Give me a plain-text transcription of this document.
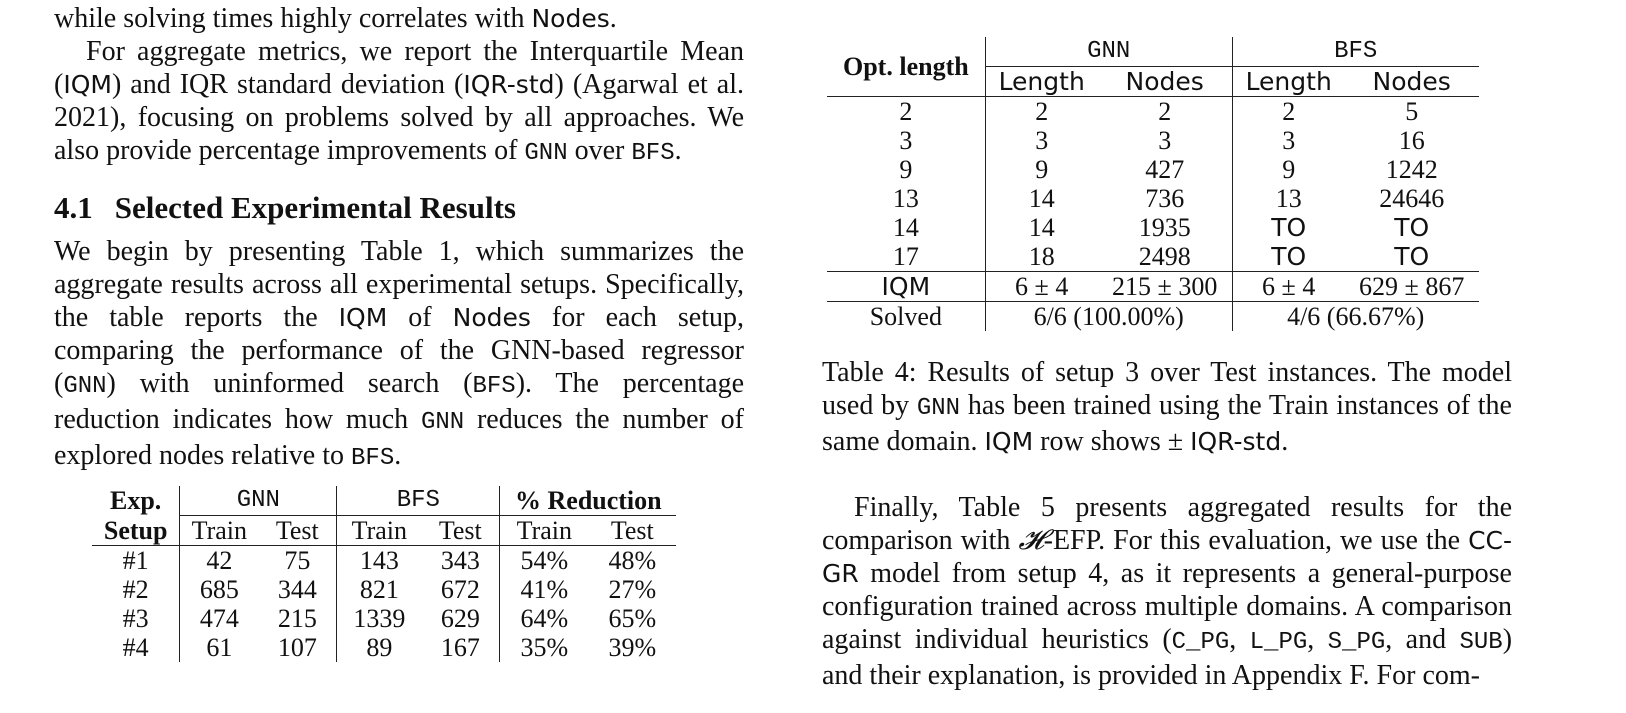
while solving times highly correlates with Nodes.

For aggregate metrics, we report the Interquartile Mean (IQM) and IQR standard deviation (IQR-std) (Agarwal et al. 2021), focusing on problems solved by all approaches. We also provide percentage improvements of GNN over BFS.

4.1 Selected Experimental Results

We begin by presenting Table 1, which summarizes the aggregate results across all experimental setups. Specifically, the table reports the IQM of Nodes for each setup, comparing the performance of the GNN-based regressor (GNN) with uninformed search (BFS). The percentage reduction indicates how much GNN reduces the number of explored nodes relative to BFS.

Exp.	GNN		BFS		% Reduction	
Setup	Train	Test	Train	Test	Train	Test
#1	42	75	143	343	54%	48%
#2	685	344	821	672	41%	27%
#3	474	215	1339	629	64%	65%
#4	61	107	89	167	35%	39%
Opt. length	GNN		BFS	
	Length	Nodes	Length	Nodes
2	2	2	2	5
3	3	3	3	16
9	9	427	9	1242
13	14	736	13	24646
14	14	1935	TO	TO
17	18	2498	TO	TO
IQM	6 ± 4	215 ± 300	6 ± 4	629 ± 867
Solved	6/6 (100.00%)		4/6 (66.67%)	

Table 4: Results of setup 3 over Test instances. The model used by GNN has been trained using the Train instances of the same domain. IQM row shows ± IQR-std.

Finally, Table 5 presents aggregated results for the comparison with 𝓗-EFP. For this evaluation, we use the CC-GR model from setup 4, as it represents a general-purpose configuration trained across multiple domains. A comparison against individual heuristics (C_PG, L_PG, S_PG, and SUB) and their explanation, is provided in Appendix F. For com-
